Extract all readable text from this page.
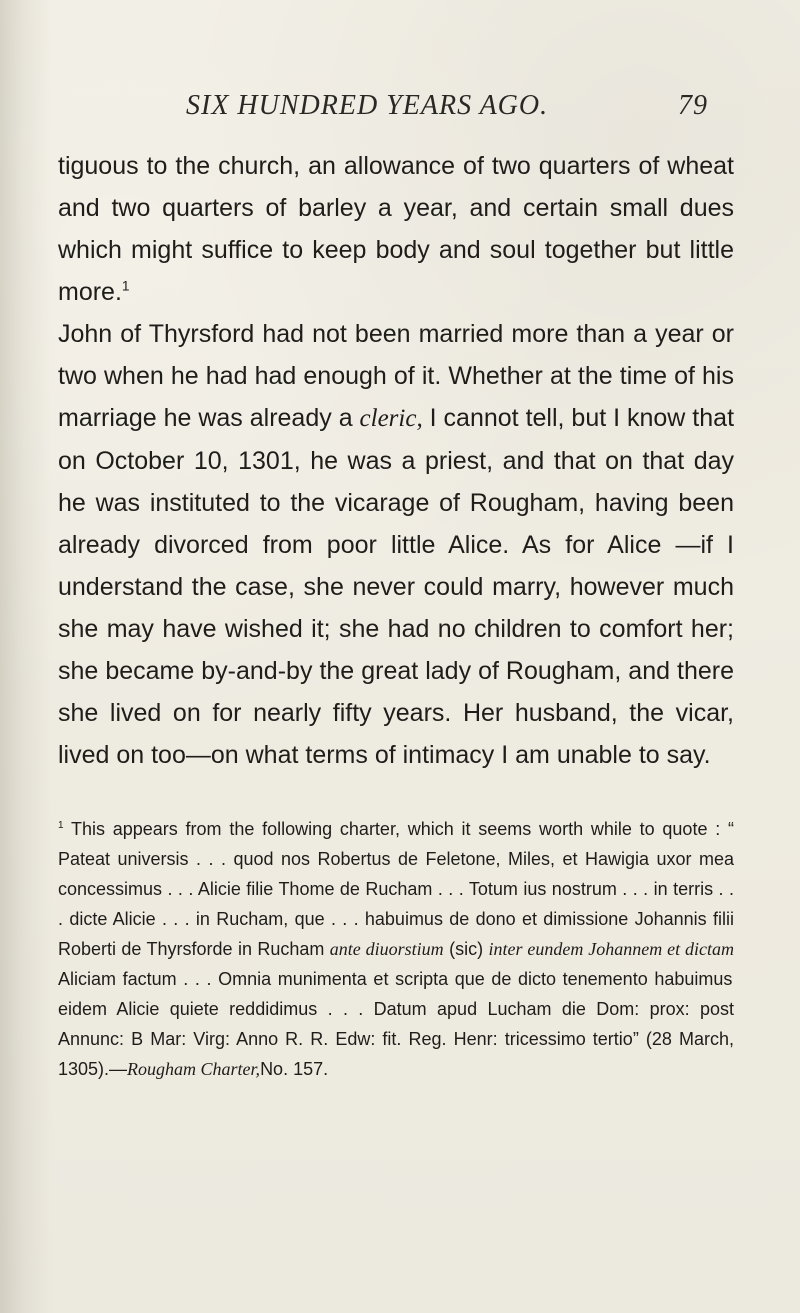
SIX HUNDRED YEARS AGO.	79

tiguous to the church, an allowance of two quarters of wheat and two quarters of barley a year, and certain small dues which might suffice to keep body and soul together but little more.$^1$

John of Thyrsford had not been married more than a year or two when he had had enough of it. Whether at the time of his marriage he was already a cleric, I cannot tell, but I know that on October 10, 1301, he was a priest, and that on that day he was instituted to the vicarage of Rougham, having been already divorced from poor little Alice. As for Alice —if I understand the case, she never could marry, however much she may have wished it; she had no children to comfort her; she became by-and-by the great lady of Rougham, and there she lived on for nearly fifty years. Her husband, the vicar, lived on too—on what terms of intimacy I am unable to say.

$^1$ This appears from the following charter, which it seems worth while to quote : “ Pateat universis . . . quod nos Robertus de Feletone, Miles, et Hawigia uxor mea concessimus . . . Alicie filie Thome de Rucham . . . Totum ius nostrum . . . in terris . . . dicte Alicie . . . in Rucham, que . . . habuimus de dono et dimissione Johannis filii Roberti de Thyrsforde in Rucham ante diuorstium (sic) inter eundem Johannem et dictam Aliciam factum . . . Omnia munimenta et scripta que de dicto tenemento habuimus eidem Alicie quiete reddidimus . . . Datum apud Lucham die Dom: prox: post Annunc: B Mar: Virg: Anno R. R. Edw: fit. Reg. Henr: tricessimo tertio” (28 March, 1305).—Rougham Charter,No. 157.
